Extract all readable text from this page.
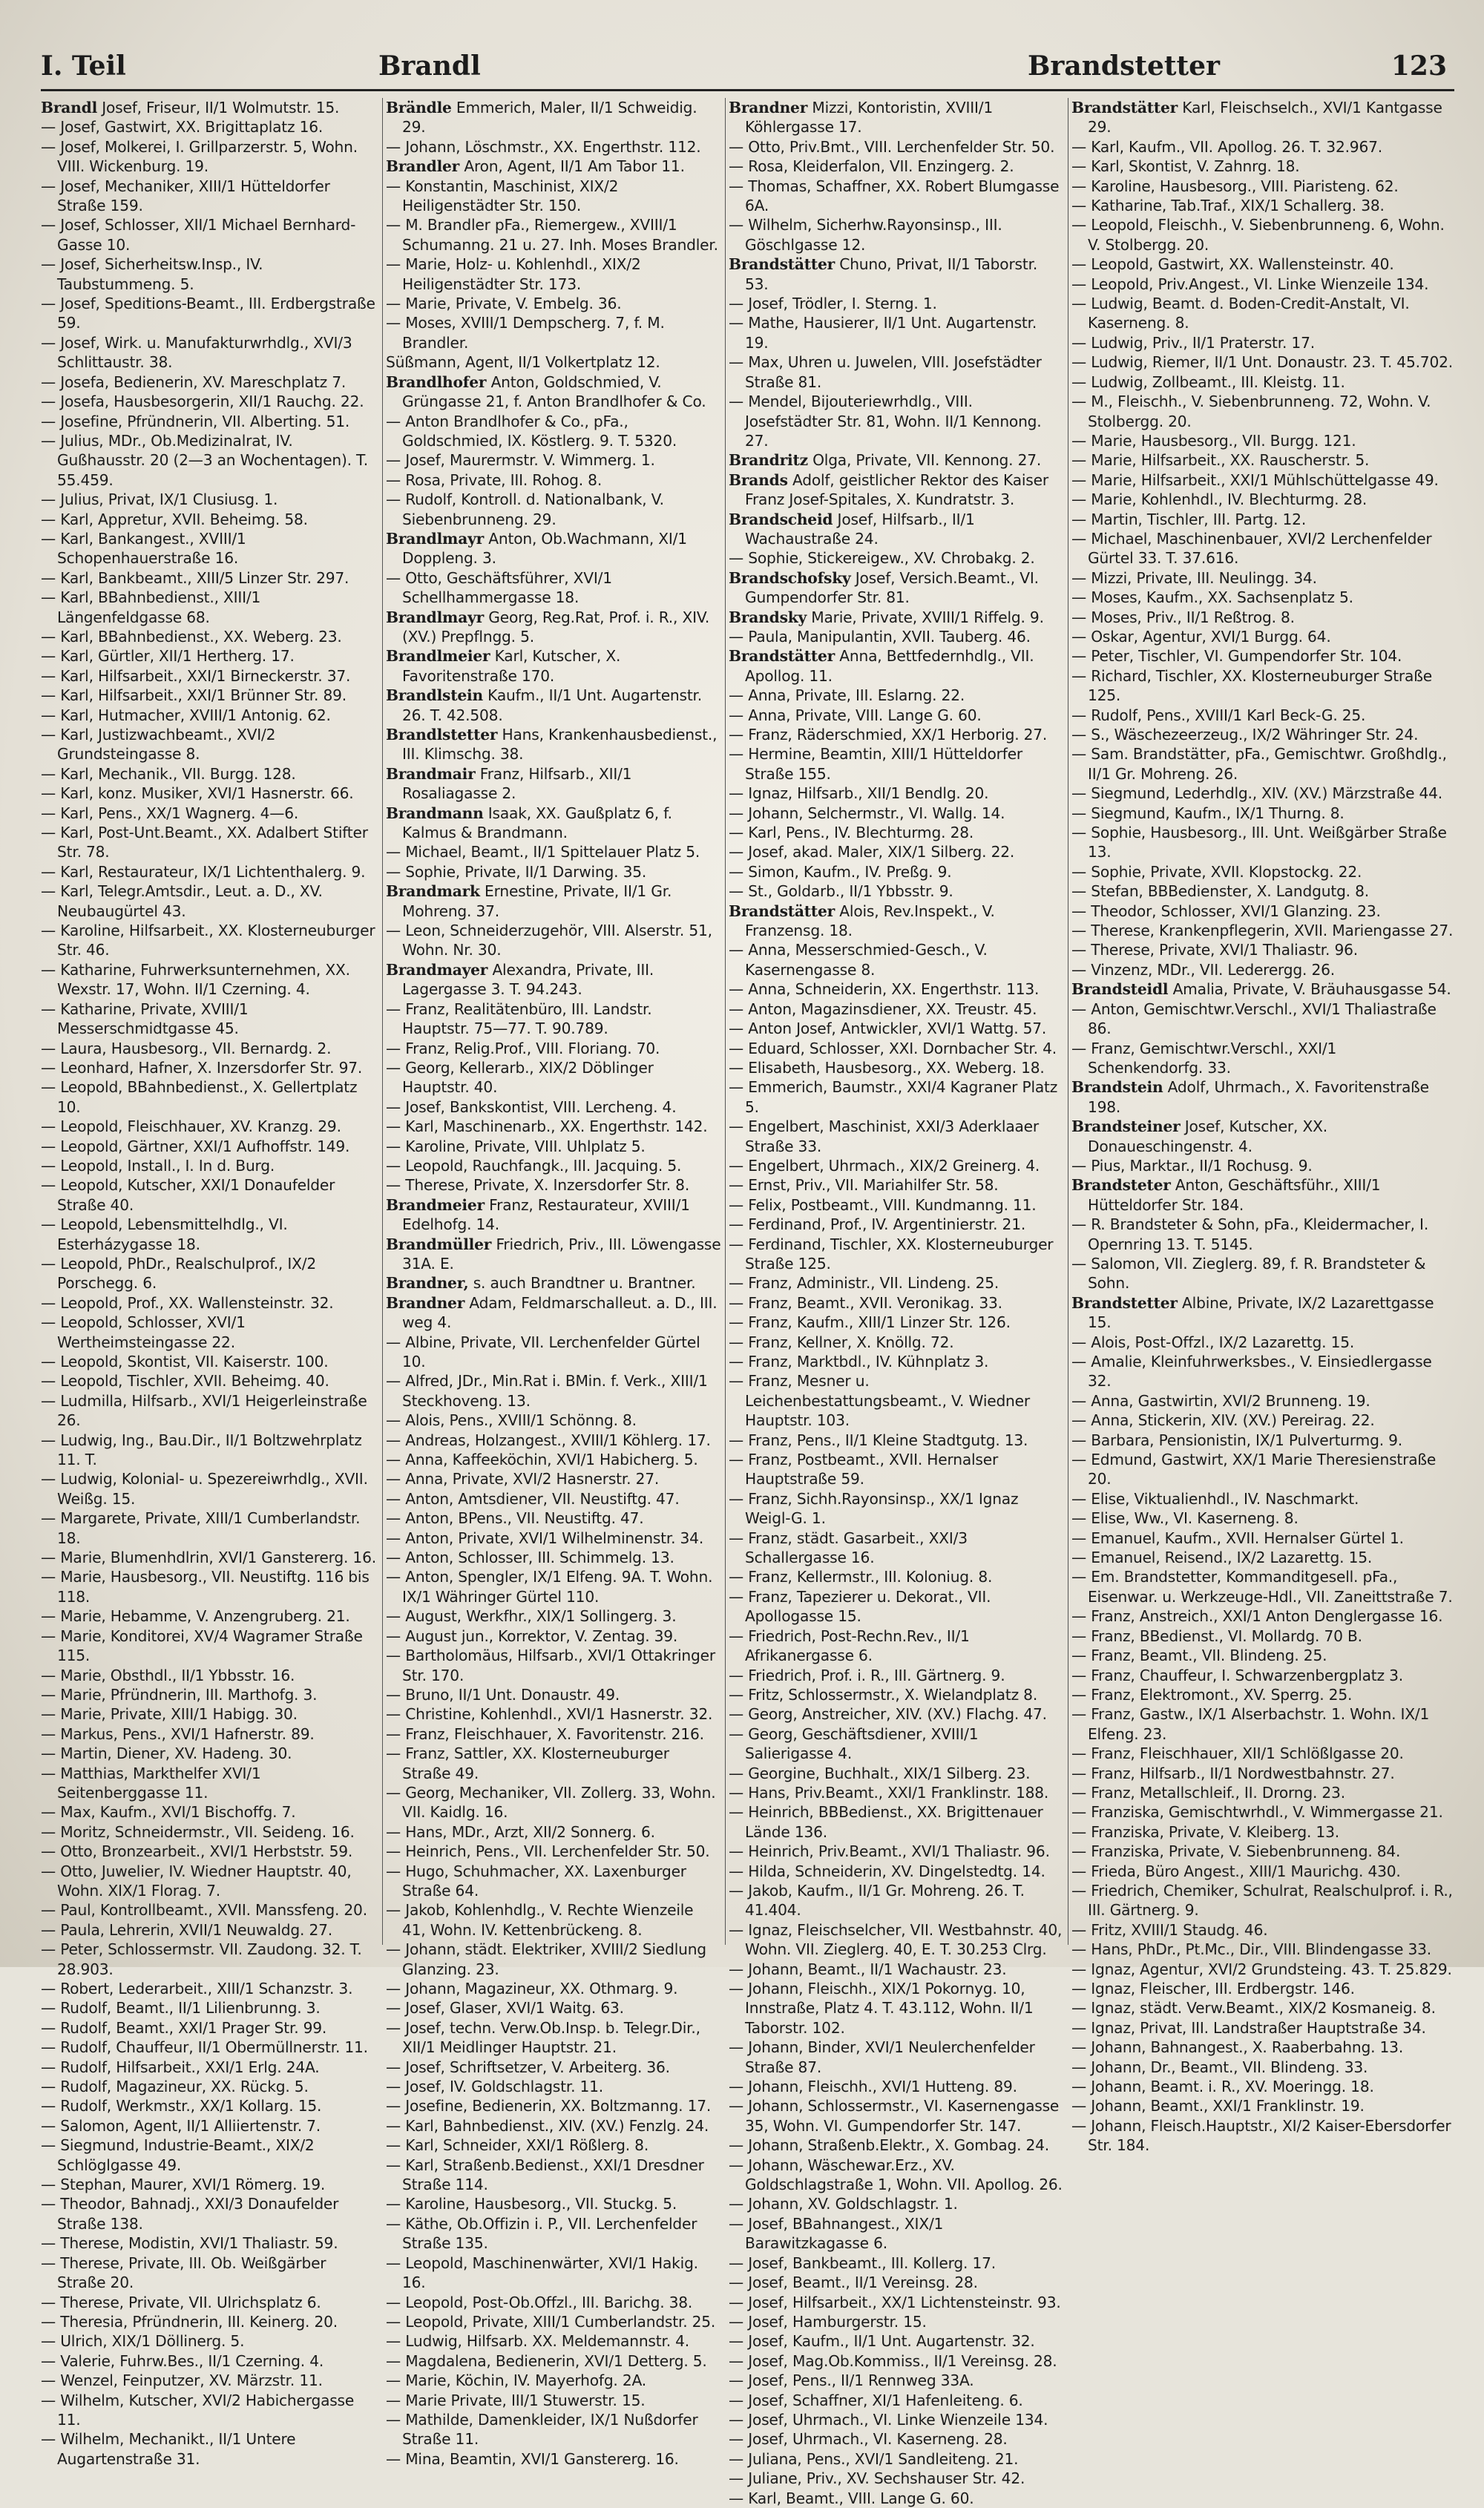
I. Teil	Brandl	Brandstetter	123

Brandl Josef, Friseur, II/1 Wolmutstr. 15.

— Josef, Gastwirt, XX. Brigittaplatz 16.

— Josef, Molkerei, I. Grillparzerstr. 5, Wohn. VIII. Wickenburg. 19.

— Josef, Mechaniker, XIII/1 Hütteldorfer Straße 159.

— Josef, Schlosser, XII/1 Michael Bernhard-Gasse 10.

— Josef, Sicherheitsw.Insp., IV. Taubstummeng. 5.

— Josef, Speditions-Beamt., III. Erdbergstraße 59.

— Josef, Wirk. u. Manufakturwrhdlg., XVI/3 Schlittaustr. 38.

— Josefa, Bedienerin, XV. Mareschplatz 7.

— Josefa, Hausbesorgerin, XII/1 Rauchg. 22.

— Josefine, Pfründnerin, VII. Alberting. 51.

— Julius, MDr., Ob.Medizinalrat, IV. Gußhausstr. 20 (2—3 an Wochentagen). T. 55.459.

— Julius, Privat, IX/1 Clusiusg. 1.

— Karl, Appretur, XVII. Beheimg. 58.

— Karl, Bankangest., XVIII/1 Schopenhauerstraße 16.

— Karl, Bankbeamt., XIII/5 Linzer Str. 297.

— Karl, BBahnbedienst., XIII/1 Längenfeldgasse 68.

— Karl, BBahnbedienst., XX. Weberg. 23.

— Karl, Gürtler, XII/1 Hertherg. 17.

— Karl, Hilfsarbeit., XXI/1 Birneckerstr. 37.

— Karl, Hilfsarbeit., XXI/1 Brünner Str. 89.

— Karl, Hutmacher, XVIII/1 Antonig. 62.

— Karl, Justizwachbeamt., XVI/2 Grundsteingasse 8.

— Karl, Mechanik., VII. Burgg. 128.

— Karl, konz. Musiker, XVI/1 Hasnerstr. 66.

— Karl, Pens., XX/1 Wagnerg. 4—6.

— Karl, Post-Unt.Beamt., XX. Adalbert Stifter Str. 78.

— Karl, Restaurateur, IX/1 Lichtenthalerg. 9.

— Karl, Telegr.Amtsdir., Leut. a. D., XV. Neubaugürtel 43.

— Karoline, Hilfsarbeit., XX. Klosterneuburger Str. 46.

— Katharine, Fuhrwerksunternehmen, XX. Wexstr. 17, Wohn. II/1 Czerning. 4.

— Katharine, Private, XVIII/1 Messerschmidtgasse 45.

— Laura, Hausbesorg., VII. Bernardg. 2.

— Leonhard, Hafner, X. Inzersdorfer Str. 97.

— Leopold, BBahnbedienst., X. Gellertplatz 10.

— Leopold, Fleischhauer, XV. Kranzg. 29.

— Leopold, Gärtner, XXI/1 Aufhoffstr. 149.

— Leopold, Install., I. In d. Burg.

— Leopold, Kutscher, XXI/1 Donaufelder Straße 40.

— Leopold, Lebensmittelhdlg., VI. Esterházygasse 18.

— Leopold, PhDr., Realschulprof., IX/2 Porschegg. 6.

— Leopold, Prof., XX. Wallensteinstr. 32.

— Leopold, Schlosser, XVI/1 Wertheimsteingasse 22.

— Leopold, Skontist, VII. Kaiserstr. 100.

— Leopold, Tischler, XVII. Beheimg. 40.

— Ludmilla, Hilfsarb., XVI/1 Heigerleinstraße 26.

— Ludwig, Ing., Bau.Dir., II/1 Boltzwehrplatz 11. T.

— Ludwig, Kolonial- u. Spezereiwrhdlg., XVII. Weißg. 15.

— Margarete, Private, XIII/1 Cumberlandstr. 18.

— Marie, Blumenhdlrin, XVI/1 Ganstererg. 16.

— Marie, Hausbesorg., VII. Neustiftg. 116 bis 118.

— Marie, Hebamme, V. Anzengruberg. 21.

— Marie, Konditorei, XV/4 Wagramer Straße 115.

— Marie, Obsthdl., II/1 Ybbsstr. 16.

— Marie, Pfründnerin, III. Marthofg. 3.

— Marie, Private, XIII/1 Habigg. 30.

— Markus, Pens., XVI/1 Hafnerstr. 89.

— Martin, Diener, XV. Hadeng. 30.

— Matthias, Markthelfer XVI/1 Seitenberggasse 11.

— Max, Kaufm., XVI/1 Bischoffg. 7.

— Moritz, Schneidermstr., VII. Seideng. 16.

— Otto, Bronzearbeit., XVI/1 Herbststr. 59.

— Otto, Juwelier, IV. Wiedner Hauptstr. 40, Wohn. XIX/1 Florag. 7.

— Paul, Kontrollbeamt., XVII. Manssfeng. 20.

— Paula, Lehrerin, XVII/1 Neuwaldg. 27.

— Peter, Schlossermstr. VII. Zaudong. 32. T. 28.903.

— Robert, Lederarbeit., XIII/1 Schanzstr. 3.

— Rudolf, Beamt., II/1 Lilienbrunng. 3.

— Rudolf, Beamt., XXI/1 Prager Str. 99.

— Rudolf, Chauffeur, II/1 Obermüllnerstr. 11.

— Rudolf, Hilfsarbeit., XXI/1 Erlg. 24A.

— Rudolf, Magazineur, XX. Rückg. 5.

— Rudolf, Werkmstr., XX/1 Kollarg. 15.

— Salomon, Agent, II/1 Alliiertenstr. 7.

— Siegmund, Industrie-Beamt., XIX/2 Schlöglgasse 49.

— Stephan, Maurer, XVI/1 Römerg. 19.

— Theodor, Bahnadj., XXI/3 Donaufelder Straße 138.

— Therese, Modistin, XVI/1 Thaliastr. 59.

— Therese, Private, III. Ob. Weißgärber Straße 20.

— Therese, Private, VII. Ulrichsplatz 6.

— Theresia, Pfründnerin, III. Keinerg. 20.

— Ulrich, XIX/1 Döllinerg. 5.

— Valerie, Fuhrw.Bes., II/1 Czerning. 4.

— Wenzel, Feinputzer, XV. Märzstr. 11.

— Wilhelm, Kutscher, XVI/2 Habichergasse 11.

— Wilhelm, Mechanikt., II/1 Untere Augartenstraße 31.

Brändle Emmerich, Maler, II/1 Schweidig. 29.

— Johann, Löschmstr., XX. Engerthstr. 112.

Brandler Aron, Agent, II/1 Am Tabor 11.

— Konstantin, Maschinist, XIX/2 Heiligenstädter Str. 150.

— M. Brandler pFa., Riemergew., XVIII/1 Schumanng. 21 u. 27. Inh. Moses Brandler.

— Marie, Holz- u. Kohlenhdl., XIX/2 Heiligenstädter Str. 173.

— Marie, Private, V. Embelg. 36.

— Moses, XVIII/1 Dempscherg. 7, f. M. Brandler.

Süßmann, Agent, II/1 Volkertplatz 12.

Brandlhofer Anton, Goldschmied, V. Grüngasse 21, f. Anton Brandlhofer & Co.

— Anton Brandlhofer & Co., pFa., Goldschmied, IX. Köstlerg. 9. T. 5320.

— Josef, Maurermstr. V. Wimmerg. 1.

— Rosa, Private, III. Rohog. 8.

— Rudolf, Kontroll. d. Nationalbank, V. Siebenbrunneng. 29.

Brandlmayr Anton, Ob.Wachmann, XI/1 Doppleng. 3.

— Otto, Geschäftsführer, XVI/1 Schellhammergasse 18.

Brandlmayr Georg, Reg.Rat, Prof. i. R., XIV. (XV.) Prepflngg. 5.

Brandlmeier Karl, Kutscher, X. Favoritenstraße 170.

Brandlstein Kaufm., II/1 Unt. Augartenstr. 26. T. 42.508.

Brandlstetter Hans, Krankenhausbedienst., III. Klimschg. 38.

Brandmair Franz, Hilfsarb., XII/1 Rosaliagasse 2.

Brandmann Isaak, XX. Gaußplatz 6, f. Kalmus & Brandmann.

— Michael, Beamt., II/1 Spittelauer Platz 5.

— Sophie, Private, II/1 Darwing. 35.

Brandmark Ernestine, Private, II/1 Gr. Mohreng. 37.

— Leon, Schneiderzugehör, VIII. Alserstr. 51, Wohn. Nr. 30.

Brandmayer Alexandra, Private, III. Lagergasse 3. T. 94.243.

— Franz, Realitätenbüro, III. Landstr. Hauptstr. 75—77. T. 90.789.

— Franz, Relig.Prof., VIII. Floriang. 70.

— Georg, Kellerarb., XIX/2 Döblinger Hauptstr. 40.

— Josef, Bankskontist, VIII. Lercheng. 4.

— Karl, Maschinenarb., XX. Engerthstr. 142.

— Karoline, Private, VIII. Uhlplatz 5.

— Leopold, Rauchfangk., III. Jacquing. 5.

— Therese, Private, X. Inzersdorfer Str. 8.

Brandmeier Franz, Restaurateur, XVIII/1 Edelhofg. 14.

Brandmüller Friedrich, Priv., III. Löwengasse 31A. E.

Brandner, s. auch Brandtner u. Brantner.

Brandner Adam, Feldmarschalleut. a. D., III. weg 4.

— Albine, Private, VII. Lerchenfelder Gürtel 10.

— Alfred, JDr., Min.Rat i. BMin. f. Verk., XIII/1 Steckhoveng. 13.

— Alois, Pens., XVIII/1 Schönng. 8.

— Andreas, Holzangest., XVIII/1 Köhlerg. 17.

— Anna, Kaffeeköchin, XVI/1 Habicherg. 5.

— Anna, Private, XVI/2 Hasnerstr. 27.

— Anton, Amtsdiener, VII. Neustiftg. 47.

— Anton, BPens., VII. Neustiftg. 47.

— Anton, Private, XVI/1 Wilhelminenstr. 34.

— Anton, Schlosser, III. Schimmelg. 13.

— Anton, Spengler, IX/1 Elfeng. 9A. T. Wohn. IX/1 Währinger Gürtel 110.

— August, Werkfhr., XIX/1 Sollingerg. 3.

— August jun., Korrektor, V. Zentag. 39.

— Bartholomäus, Hilfsarb., XVI/1 Ottakringer Str. 170.

— Bruno, II/1 Unt. Donaustr. 49.

— Christine, Kohlenhdl., XVI/1 Hasnerstr. 32.

— Franz, Fleischhauer, X. Favoritenstr. 216.

— Franz, Sattler, XX. Klosterneuburger Straße 49.

— Georg, Mechaniker, VII. Zollerg. 33, Wohn. VII. Kaidlg. 16.

— Hans, MDr., Arzt, XII/2 Sonnerg. 6.

— Heinrich, Pens., VII. Lerchenfelder Str. 50.

— Hugo, Schuhmacher, XX. Laxenburger Straße 64.

— Jakob, Kohlenhdlg., V. Rechte Wienzeile 41, Wohn. IV. Kettenbrückeng. 8.

— Johann, städt. Elektriker, XVIII/2 Siedlung Glanzing. 23.

— Johann, Magazineur, XX. Othmarg. 9.

— Josef, Glaser, XVI/1 Waitg. 63.

— Josef, techn. Verw.Ob.Insp. b. Telegr.Dir., XII/1 Meidlinger Hauptstr. 21.

— Josef, Schriftsetzer, V. Arbeiterg. 36.

— Josef, IV. Goldschlagstr. 11.

— Josefine, Bedienerin, XX. Boltzmanng. 17.

— Karl, Bahnbedienst., XIV. (XV.) Fenzlg. 24.

— Karl, Schneider, XXI/1 Rößlerg. 8.

— Karl, Straßenb.Bedienst., XXI/1 Dresdner Straße 114.

— Karoline, Hausbesorg., VII. Stuckg. 5.

— Käthe, Ob.Offizin i. P., VII. Lerchenfelder Straße 135.

— Leopold, Maschinenwärter, XVI/1 Hakig. 16.

— Leopold, Post-Ob.Offzl., III. Barichg. 38.

— Leopold, Private, XIII/1 Cumberlandstr. 25.

— Ludwig, Hilfsarb. XX. Meldemannstr. 4.

— Magdalena, Bedienerin, XVI/1 Detterg. 5.

— Marie, Köchin, IV. Mayerhofg. 2A.

— Marie Private, III/1 Stuwerstr. 15.

— Mathilde, Damenkleider, IX/1 Nußdorfer Straße 11.

— Mina, Beamtin, XVI/1 Ganstererg. 16.

Brandner Mizzi, Kontoristin, XVIII/1 Köhlergasse 17.

— Otto, Priv.Bmt., VIII. Lerchenfelder Str. 50.

— Rosa, Kleiderfalon, VII. Enzingerg. 2.

— Thomas, Schaffner, XX. Robert Blumgasse 6A.

— Wilhelm, Sicherhw.Rayonsinsp., III. Göschlgasse 12.

Brandstätter Chuno, Privat, II/1 Taborstr. 53.

— Josef, Trödler, I. Sterng. 1.

— Mathe, Hausierer, II/1 Unt. Augartenstr. 19.

— Max, Uhren u. Juwelen, VIII. Josefstädter Straße 81.

— Mendel, Bijouteriewrhdlg., VIII. Josefstädter Str. 81, Wohn. II/1 Kennong. 27.

Brandritz Olga, Private, VII. Kennong. 27.

Brands Adolf, geistlicher Rektor des Kaiser Franz Josef-Spitales, X. Kundratstr. 3.

Brandscheid Josef, Hilfsarb., II/1 Wachaustraße 24.

— Sophie, Stickereigew., XV. Chrobakg. 2.

Brandschofsky Josef, Versich.Beamt., VI. Gumpendorfer Str. 81.

Brandsky Marie, Private, XVIII/1 Riffelg. 9.

— Paula, Manipulantin, XVII. Tauberg. 46.

Brandstätter Anna, Bettfedernhdlg., VII. Apollog. 11.

— Anna, Private, III. Eslarng. 22.

— Anna, Private, VIII. Lange G. 60.

— Franz, Räderschmied, XX/1 Herborig. 27.

— Hermine, Beamtin, XIII/1 Hütteldorfer Straße 155.

— Ignaz, Hilfsarb., XII/1 Bendlg. 20.

— Johann, Selchermstr., VI. Wallg. 14.

— Karl, Pens., IV. Blechturmg. 28.

— Josef, akad. Maler, XIX/1 Silberg. 22.

— Simon, Kaufm., IV. Preßg. 9.

— St., Goldarb., II/1 Ybbsstr. 9.

Brandstätter Alois, Rev.Inspekt., V. Franzensg. 18.

— Anna, Messerschmied-Gesch., V. Kasernengasse 8.

— Anna, Schneiderin, XX. Engerthstr. 113.

— Anton, Magazinsdiener, XX. Treustr. 45.

— Anton Josef, Antwickler, XVI/1 Wattg. 57.

— Eduard, Schlosser, XXI. Dornbacher Str. 4.

— Elisabeth, Hausbesorg., XX. Weberg. 18.

— Emmerich, Baumstr., XXI/4 Kagraner Platz 5.

— Engelbert, Maschinist, XXI/3 Aderklaaer Straße 33.

— Engelbert, Uhrmach., XIX/2 Greinerg. 4.

— Ernst, Priv., VII. Mariahilfer Str. 58.

— Felix, Postbeamt., VIII. Kundmanng. 11.

— Ferdinand, Prof., IV. Argentinierstr. 21.

— Ferdinand, Tischler, XX. Klosterneuburger Straße 125.

— Franz, Administr., VII. Lindeng. 25.

— Franz, Beamt., XVII. Veronikag. 33.

— Franz, Kaufm., XIII/1 Linzer Str. 126.

— Franz, Kellner, X. Knöllg. 72.

— Franz, Marktbdl., IV. Kühnplatz 3.

— Franz, Mesner u. Leichenbestattungsbeamt., V. Wiedner Hauptstr. 103.

— Franz, Pens., II/1 Kleine Stadtgutg. 13.

— Franz, Postbeamt., XVII. Hernalser Hauptstraße 59.

— Franz, Sichh.Rayonsinsp., XX/1 Ignaz Weigl-G. 1.

— Franz, städt. Gasarbeit., XXI/3 Schallergasse 16.

— Franz, Kellermstr., III. Koloniug. 8.

— Franz, Tapezierer u. Dekorat., VII. Apollogasse 15.

— Friedrich, Post-Rechn.Rev., II/1 Afrikanergasse 6.

— Friedrich, Prof. i. R., III. Gärtnerg. 9.

— Fritz, Schlossermstr., X. Wielandplatz 8.

— Georg, Anstreicher, XIV. (XV.) Flachg. 47.

— Georg, Geschäftsdiener, XVIII/1 Salierigasse 4.

— Georgine, Buchhalt., XIX/1 Silberg. 23.

— Hans, Priv.Beamt., XXI/1 Franklinstr. 188.

— Heinrich, BBBedienst., XX. Brigittenauer Lände 136.

— Heinrich, Priv.Beamt., XVI/1 Thaliastr. 96.

— Hilda, Schneiderin, XV. Dingelstedtg. 14.

— Jakob, Kaufm., II/1 Gr. Mohreng. 26. T. 41.404.

— Ignaz, Fleischselcher, VII. Westbahnstr. 40, Wohn. VII. Zieglerg. 40, E. T. 30.253 Clrg.

— Johann, Beamt., II/1 Wachaustr. 23.

— Johann, Fleischh., XIX/1 Pokornyg. 10, Innstraße, Platz 4. T. 43.112, Wohn. II/1 Taborstr. 102.

— Johann, Binder, XVI/1 Neulerchenfelder Straße 87.

— Johann, Fleischh., XVI/1 Hutteng. 89.

— Johann, Schlossermstr., VI. Kasernengasse 35, Wohn. VI. Gumpendorfer Str. 147.

— Johann, Straßenb.Elektr., X. Gombag. 24.

— Johann, Wäschewar.Erz., XV. Goldschlagstraße 1, Wohn. VII. Apollog. 26.

— Johann, XV. Goldschlagstr. 1.

— Josef, BBahnangest., XIX/1 Barawitzkagasse 6.

— Josef, Bankbeamt., III. Kollerg. 17.

— Josef, Beamt., II/1 Vereinsg. 28.

— Josef, Hilfsarbeit., XX/1 Lichtensteinstr. 93.

— Josef, Hamburgerstr. 15.

— Josef, Kaufm., II/1 Unt. Augartenstr. 32.

— Josef, Mag.Ob.Kommiss., II/1 Vereinsg. 28.

— Josef, Pens., II/1 Rennweg 33A.

— Josef, Schaffner, XI/1 Hafenleiteng. 6.

— Josef, Uhrmach., VI. Linke Wienzeile 134.

— Josef, Uhrmach., VI. Kaserneng. 28.

— Juliana, Pens., XVI/1 Sandleiteng. 21.

— Juliane, Priv., XV. Sechshauser Str. 42.

— Karl, Beamt., VIII. Lange G. 60.

Brandstätter Karl, Fleischselch., XVI/1 Kantgasse 29.

— Karl, Kaufm., VII. Apollog. 26. T. 32.967.

— Karl, Skontist, V. Zahnrg. 18.

— Karoline, Hausbesorg., VIII. Piaristeng. 62.

— Katharine, Tab.Traf., XIX/1 Schallerg. 38.

— Leopold, Fleischh., V. Siebenbrunneng. 6, Wohn. V. Stolbergg. 20.

— Leopold, Gastwirt, XX. Wallensteinstr. 40.

— Leopold, Priv.Angest., VI. Linke Wienzeile 134.

— Ludwig, Beamt. d. Boden-Credit-Anstalt, VI. Kaserneng. 8.

— Ludwig, Priv., II/1 Praterstr. 17.

— Ludwig, Riemer, II/1 Unt. Donaustr. 23. T. 45.702.

— Ludwig, Zollbeamt., III. Kleistg. 11.

— M., Fleischh., V. Siebenbrunneng. 72, Wohn. V. Stolbergg. 20.

— Marie, Hausbesorg., VII. Burgg. 121.

— Marie, Hilfsarbeit., XX. Rauscherstr. 5.

— Marie, Hilfsarbeit., XXI/1 Mühlschüttelgasse 49.

— Marie, Kohlenhdl., IV. Blechturmg. 28.

— Martin, Tischler, III. Partg. 12.

— Michael, Maschinenbauer, XVI/2 Lerchenfelder Gürtel 33. T. 37.616.

— Mizzi, Private, III. Neulingg. 34.

— Moses, Kaufm., XX. Sachsenplatz 5.

— Moses, Priv., II/1 Reßtrog. 8.

— Oskar, Agentur, XVI/1 Burgg. 64.

— Peter, Tischler, VI. Gumpendorfer Str. 104.

— Richard, Tischler, XX. Klosterneuburger Straße 125.

— Rudolf, Pens., XVIII/1 Karl Beck-G. 25.

— S., Wäschezeerzeug., IX/2 Währinger Str. 24.

— Sam. Brandstätter, pFa., Gemischtwr. Großhdlg., II/1 Gr. Mohreng. 26.

— Siegmund, Lederhdlg., XIV. (XV.) Märzstraße 44.

— Siegmund, Kaufm., IX/1 Thurng. 8.

— Sophie, Hausbesorg., III. Unt. Weißgärber Straße 13.

— Sophie, Private, XVII. Klopstockg. 22.

— Stefan, BBBedienster, X. Landgutg. 8.

— Theodor, Schlosser, XVI/1 Glanzing. 23.

— Therese, Krankenpflegerin, XVII. Mariengasse 27.

— Therese, Private, XVI/1 Thaliastr. 96.

— Vinzenz, MDr., VII. Lederergg. 26.

Brandsteidl Amalia, Private, V. Bräuhausgasse 54.

— Anton, Gemischtwr.Verschl., XVI/1 Thaliastraße 86.

— Franz, Gemischtwr.Verschl., XXI/1 Schenkendorfg. 33.

Brandstein Adolf, Uhrmach., X. Favoritenstraße 198.

Brandsteiner Josef, Kutscher, XX. Donaueschingenstr. 4.

— Pius, Marktar., II/1 Rochusg. 9.

Brandsteter Anton, Geschäftsführ., XIII/1 Hütteldorfer Str. 184.

— R. Brandsteter & Sohn, pFa., Kleidermacher, I. Opernring 13. T. 5145.

— Salomon, VII. Zieglerg. 89, f. R. Brandsteter & Sohn.

Brandstetter Albine, Private, IX/2 Lazarettgasse 15.

— Alois, Post-Offzl., IX/2 Lazarettg. 15.

— Amalie, Kleinfuhrwerksbes., V. Einsiedlergasse 32.

— Anna, Gastwirtin, XVI/2 Brunneng. 19.

— Anna, Stickerin, XIV. (XV.) Pereirag. 22.

— Barbara, Pensionistin, IX/1 Pulverturmg. 9.

— Edmund, Gastwirt, XX/1 Marie Theresienstraße 20.

— Elise, Viktualienhdl., IV. Naschmarkt.

— Elise, Ww., VI. Kaserneng. 8.

— Emanuel, Kaufm., XVII. Hernalser Gürtel 1.

— Emanuel, Reisend., IX/2 Lazarettg. 15.

— Em. Brandstetter, Kommanditgesell. pFa., Eisenwar. u. Werkzeuge-Hdl., VII. Zaneittstraße 7.

— Franz, Anstreich., XXI/1 Anton Denglergasse 16.

— Franz, BBedienst., VI. Mollardg. 70 B.

— Franz, Beamt., VII. Blindeng. 25.

— Franz, Chauffeur, I. Schwarzenbergplatz 3.

— Franz, Elektromont., XV. Sperrg. 25.

— Franz, Gastw., IX/1 Alserbachstr. 1. Wohn. IX/1 Elfeng. 23.

— Franz, Fleischhauer, XII/1 Schlößlgasse 20.

— Franz, Hilfsarb., II/1 Nordwestbahnstr. 27.

— Franz, Metallschleif., II. Drorng. 23.

— Franziska, Gemischtwrhdl., V. Wimmergasse 21.

— Franziska, Private, V. Kleiberg. 13.

— Franziska, Private, V. Siebenbrunneng. 84.

— Frieda, Büro Angest., XIII/1 Maurichg. 430.

— Friedrich, Chemiker, Schulrat, Realschulprof. i. R., III. Gärtnerg. 9.

— Fritz, XVIII/1 Staudg. 46.

— Hans, PhDr., Pt.Mc., Dir., VIII. Blindengasse 33.

— Ignaz, Agentur, XVI/2 Grundsteing. 43. T. 25.829.

— Ignaz, Fleischer, III. Erdbergstr. 146.

— Ignaz, städt. Verw.Beamt., XIX/2 Kosmaneig. 8.

— Ignaz, Privat, III. Landstraßer Hauptstraße 34.

— Johann, Bahnangest., X. Raaberbahng. 13.

— Johann, Dr., Beamt., VII. Blindeng. 33.

— Johann, Beamt. i. R., XV. Moeringg. 18.

— Johann, Beamt., XXI/1 Franklinstr. 19.

— Johann, Fleisch.Hauptstr., XI/2 Kaiser-Ebersdorfer Str. 184.
